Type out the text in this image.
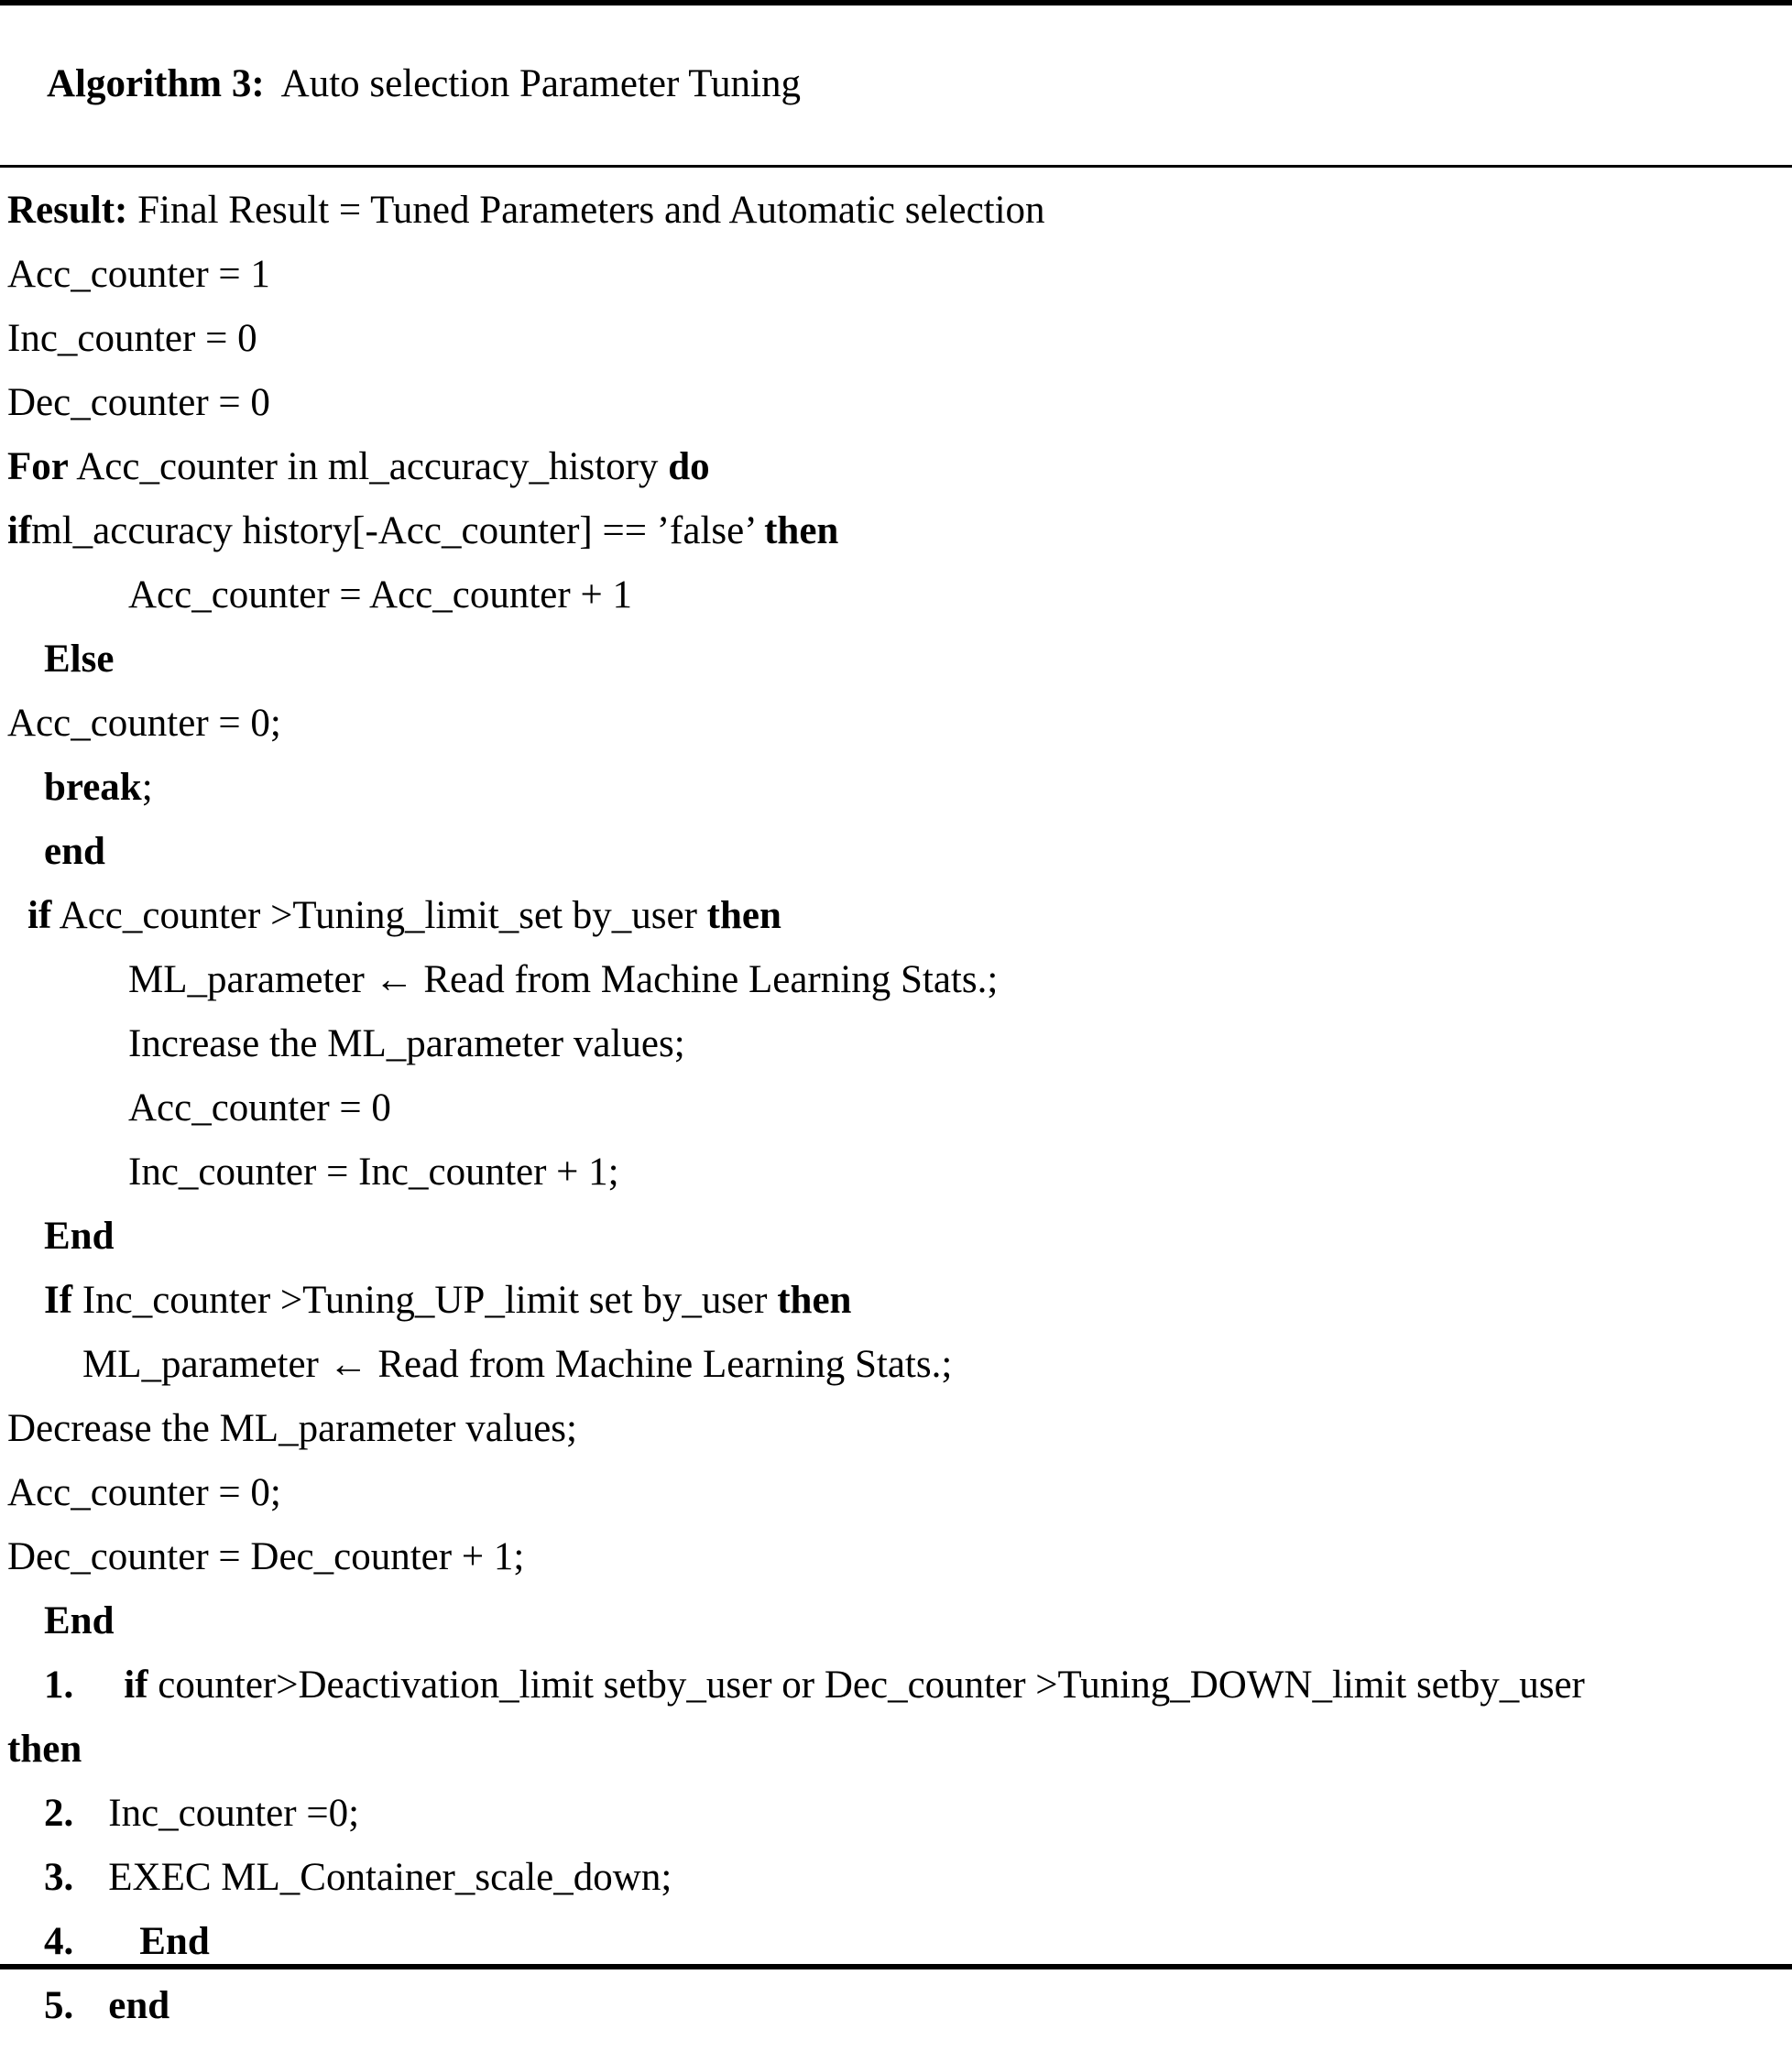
Algorithm 3: Auto selection Parameter Tuning

Result: Final Result = Tuned Parameters and Automatic selection
Acc_counter = 1
Inc_counter = 0
Dec_counter = 0
For Acc_counter in ml_accuracy_history do
ifml_accuracy history[-Acc_counter] == ’false’ then
Acc_counter = Acc_counter + 1
Else
Acc_counter = 0;
break;
end
if Acc_counter >Tuning_limit_set by_user then
ML_parameter ← Read from Machine Learning Stats.;
Increase the ML_parameter values;
Acc_counter = 0
Inc_counter = Inc_counter + 1;
End
If Inc_counter >Tuning_UP_limit set by_user then
ML_parameter ← Read from Machine Learning Stats.;
Decrease the ML_parameter values;
Acc_counter = 0;
Dec_counter = Dec_counter + 1;
End
1. if counter>Deactivation_limit setby_user or Dec_counter >Tuning_DOWN_limit setby_user
then
2. Inc_counter =0;
3. EXEC ML_Container_scale_down;
4. End
5. end
